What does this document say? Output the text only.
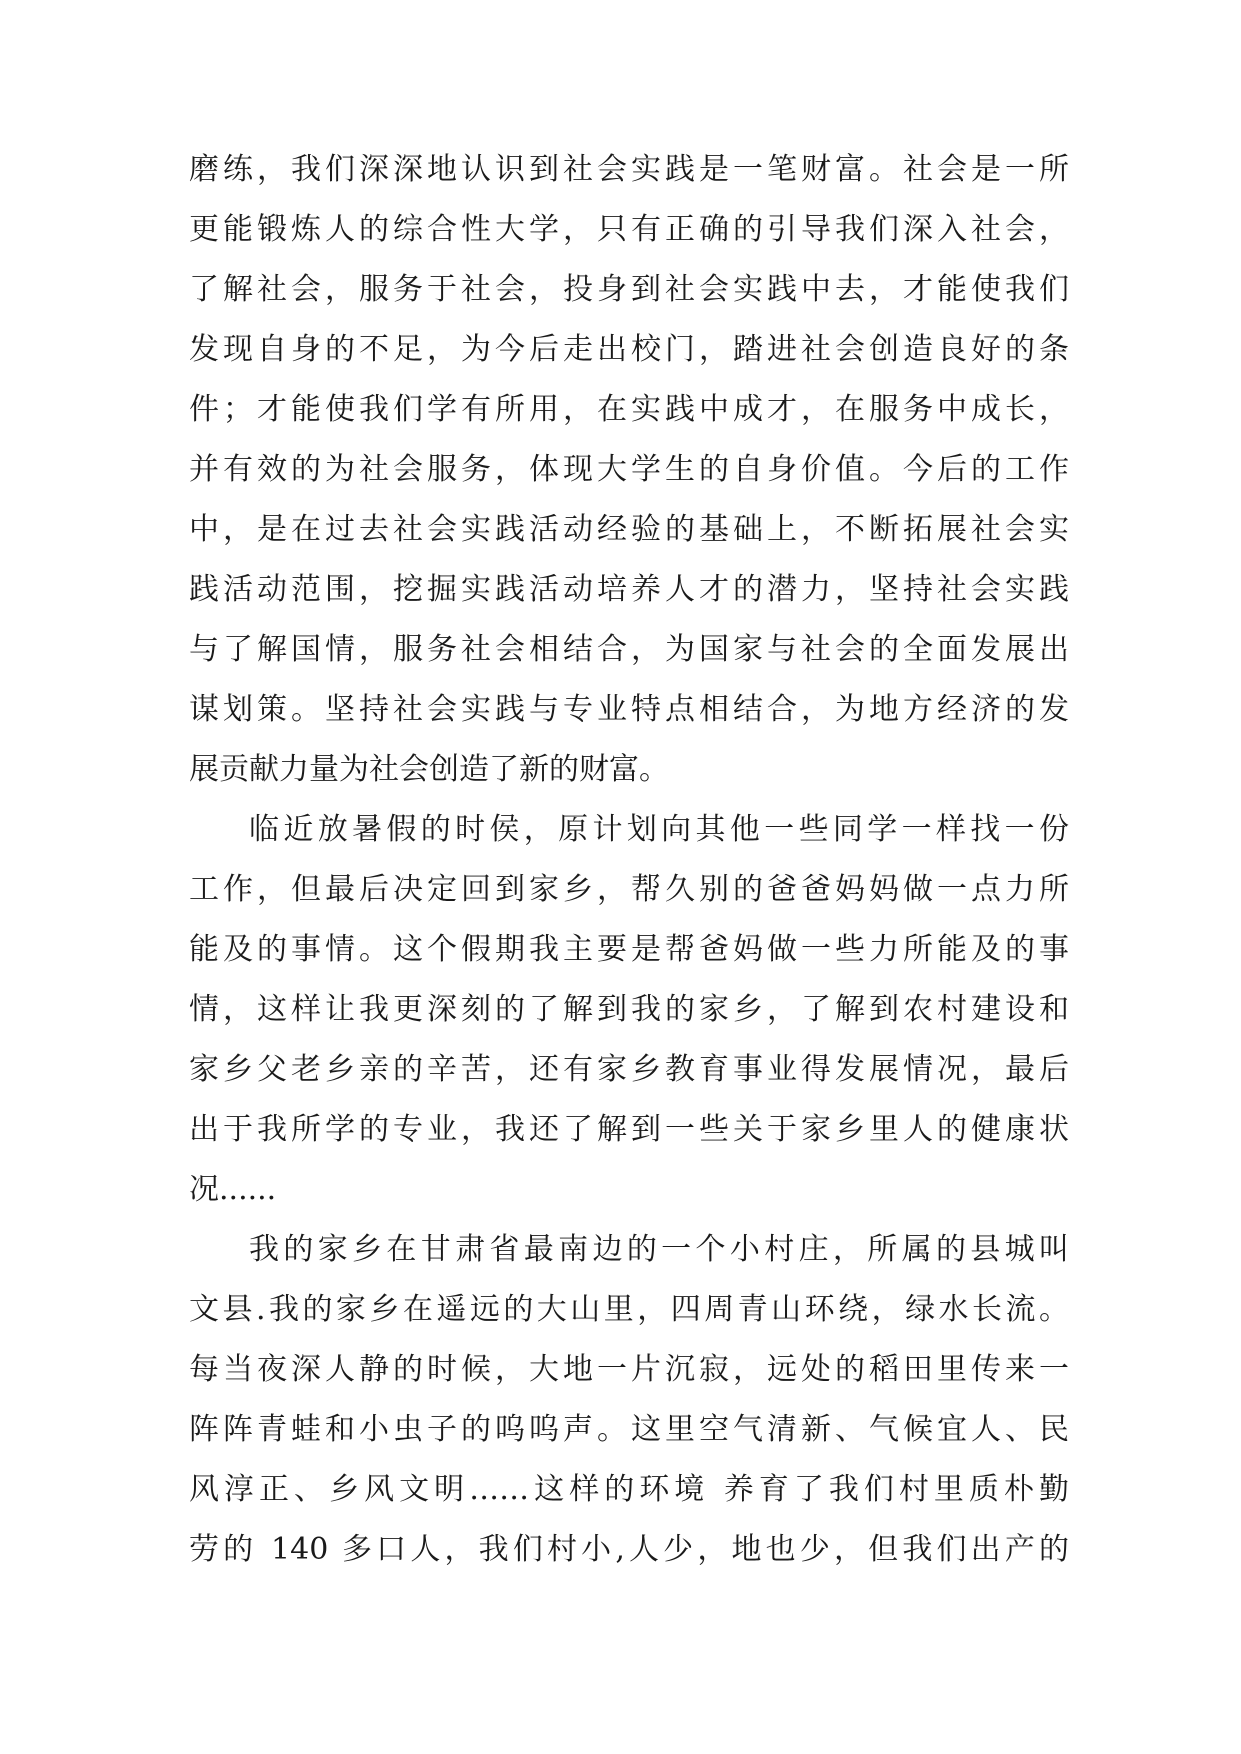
磨练，我们深深地认识到社会实践是一笔财富。社会是一所
更能锻炼人的综合性大学，只有正确的引导我们深入社会，
了解社会，服务于社会，投身到社会实践中去，才能使我们
发现自身的不足，为今后走出校门，踏进社会创造良好的条
件；才能使我们学有所用，在实践中成才，在服务中成长，
并有效的为社会服务，体现大学生的自身价值。今后的工作
中，是在过去社会实践活动经验的基础上，不断拓展社会实
践活动范围，挖掘实践活动培养人才的潜力，坚持社会实践
与了解国情，服务社会相结合，为国家与社会的全面发展出
谋划策。坚持社会实践与专业特点相结合，为地方经济的发
展贡献力量为社会创造了新的财富。
临近放暑假的时侯，原计划向其他一些同学一样找一份
工作，但最后决定回到家乡，帮久别的爸爸妈妈做一点力所
能及的事情。这个假期我主要是帮爸妈做一些力所能及的事
情，这样让我更深刻的了解到我的家乡，了解到农村建设和
家乡父老乡亲的辛苦，还有家乡教育事业得发展情况，最后
出于我所学的专业，我还了解到一些关于家乡里人的健康状
况......
我的家乡在甘肃省最南边的一个小村庄，所属的县城叫
文县.我的家乡在遥远的大山里，四周青山环绕，绿水长流。
每当夜深人静的时候，大地一片沉寂，远处的稻田里传来一
阵阵青蛙和小虫子的呜呜声。这里空气清新、气候宜人、民
风淳正、乡风文明……这样的环境 养育了我们村里质朴勤
劳的 140 多口人，我们村小,人少，地也少，但我们出产的
